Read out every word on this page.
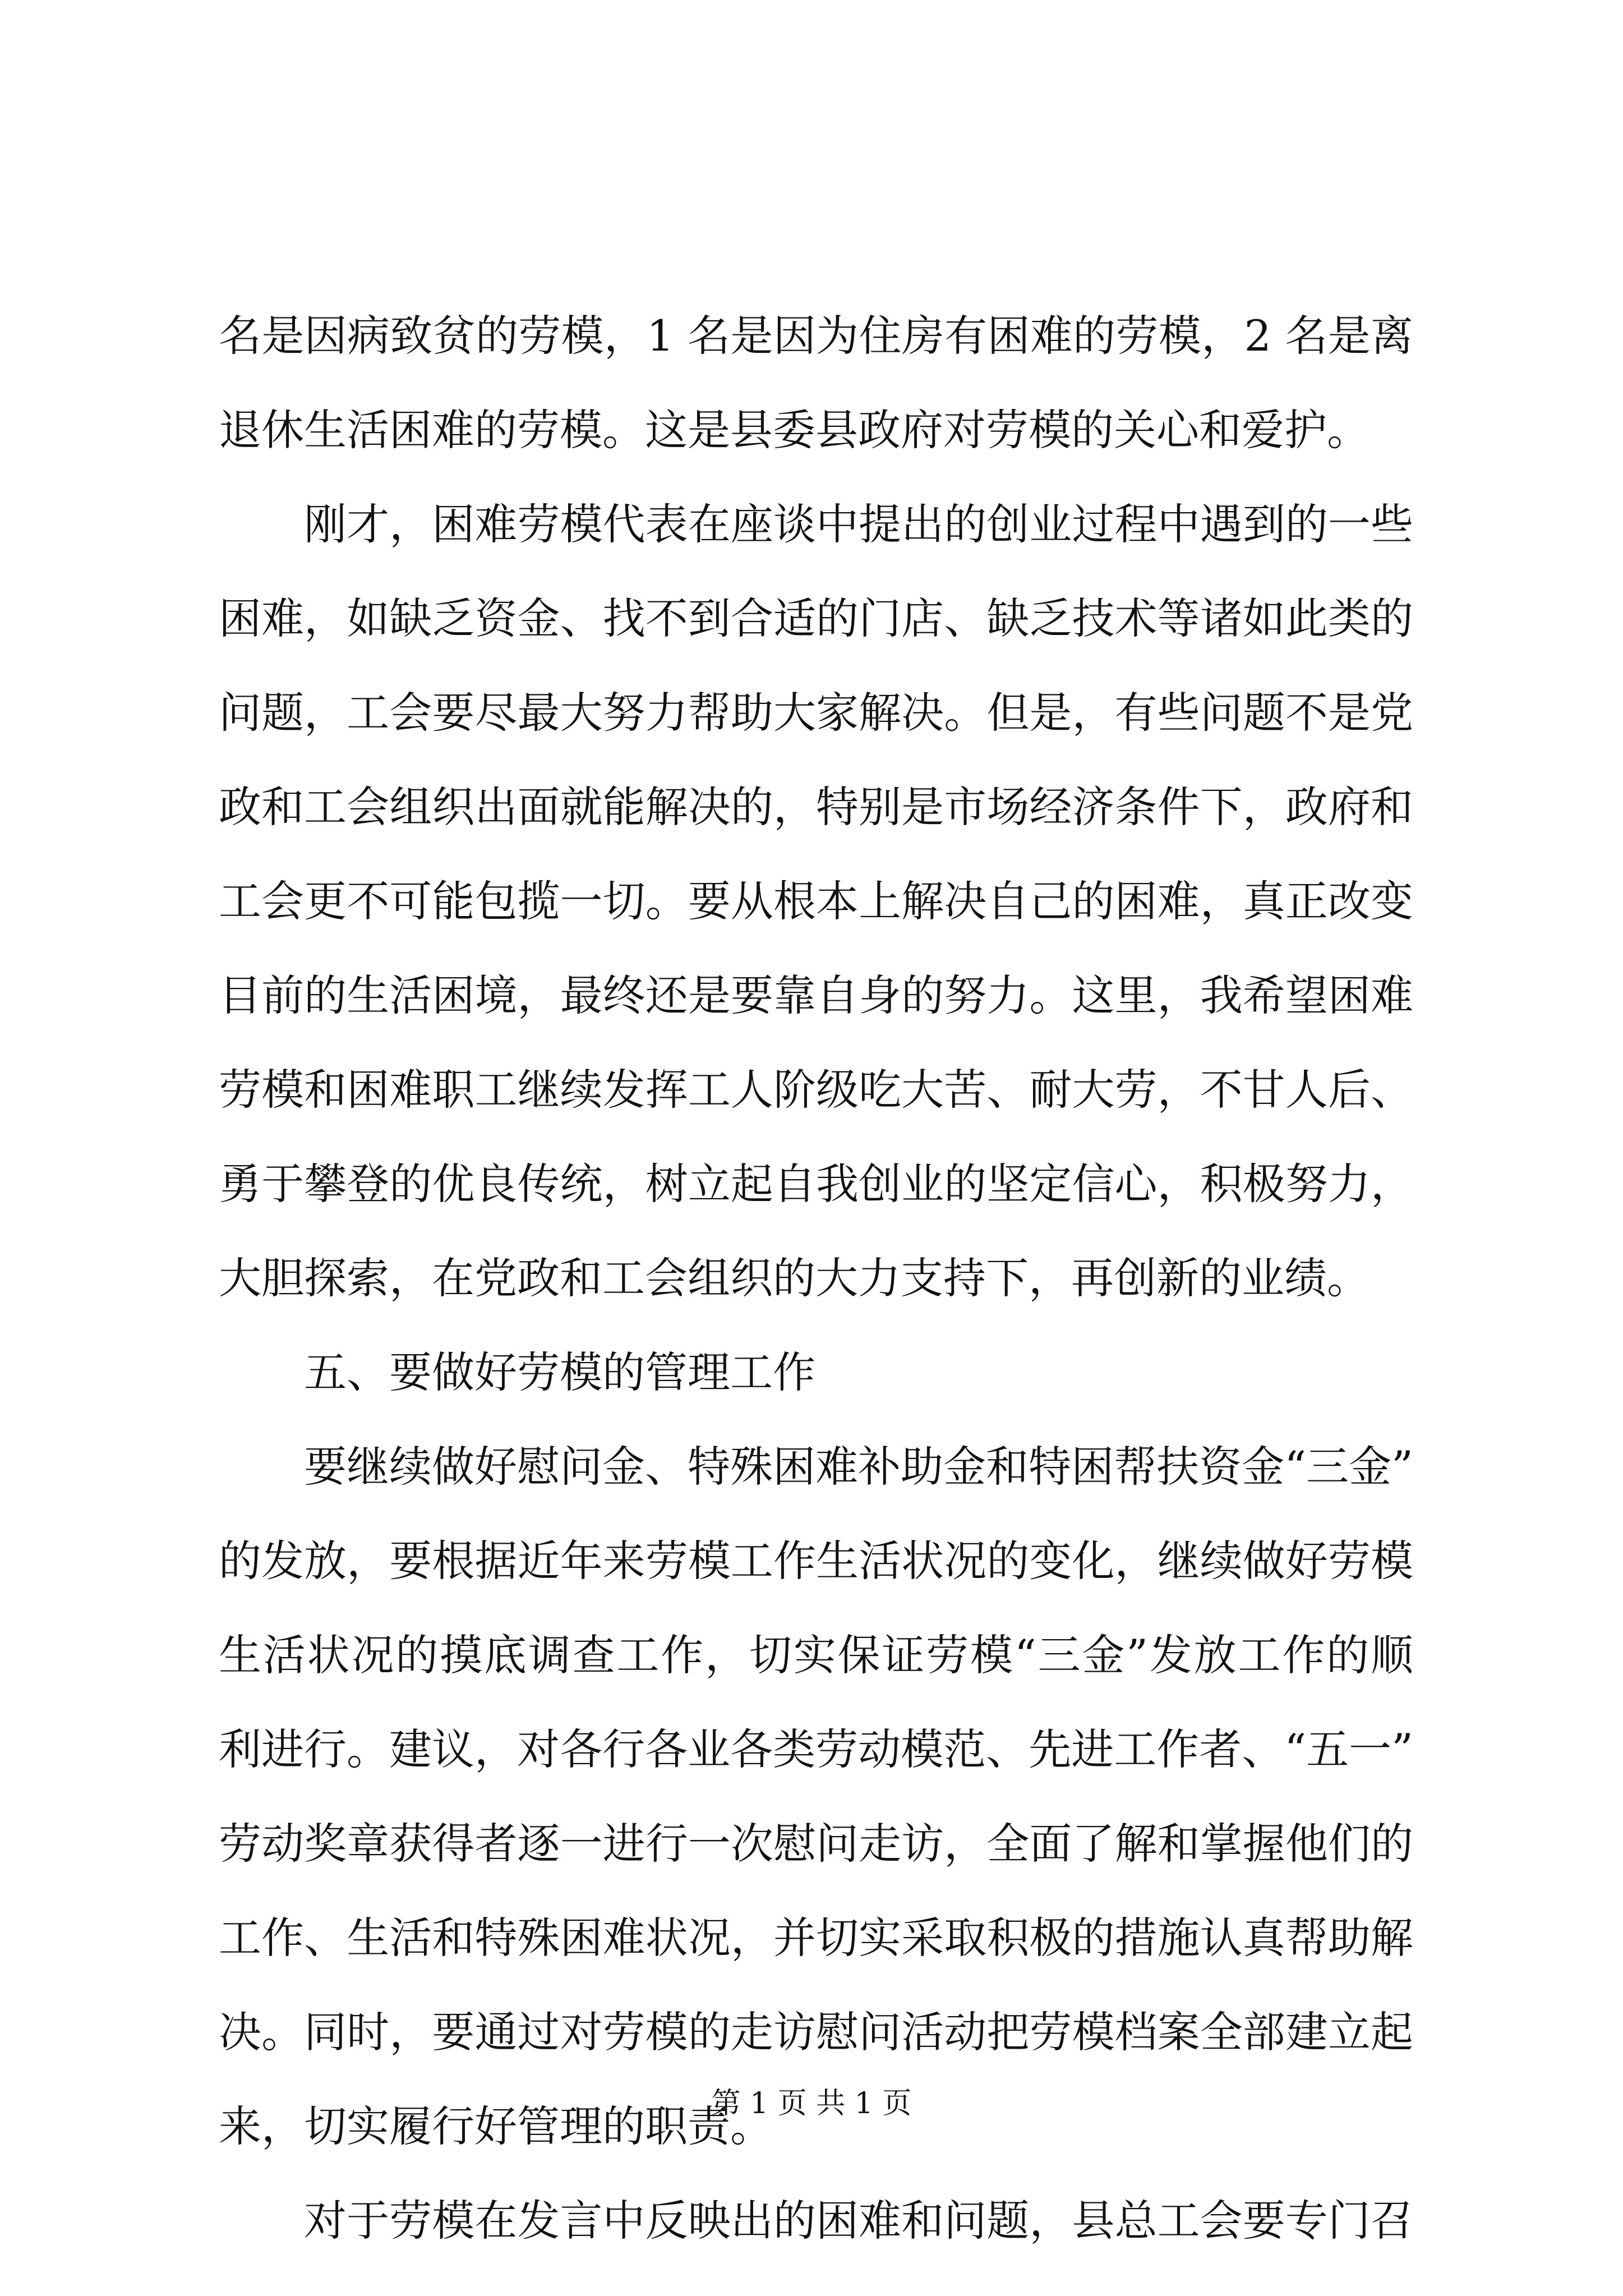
名是因病致贫的劳模，1 名是因为住房有困难的劳模，2 名是离
退休生活困难的劳模。这是县委县政府对劳模的关心和爱护。
刚才，困难劳模代表在座谈中提出的创业过程中遇到的一些
困难，如缺乏资金、找不到合适的门店、缺乏技术等诸如此类的
问题，工会要尽最大努力帮助大家解决。但是，有些问题不是党
政和工会组织出面就能解决的，特别是市场经济条件下，政府和
工会更不可能包揽一切。要从根本上解决自己的困难，真正改变
目前的生活困境，最终还是要靠自身的努力。这里，我希望困难
劳模和困难职工继续发挥工人阶级吃大苦、耐大劳，不甘人后、
勇于攀登的优良传统，树立起自我创业的坚定信心，积极努力，
大胆探索，在党政和工会组织的大力支持下，再创新的业绩。
五、要做好劳模的管理工作
要继续做好慰问金、特殊困难补助金和特困帮扶资金“三金”
的发放，要根据近年来劳模工作生活状况的变化，继续做好劳模
生活状况的摸底调查工作，切实保证劳模“三金”发放工作的顺
利进行。建议，对各行各业各类劳动模范、先进工作者、“五一”
劳动奖章获得者逐一进行一次慰问走访，全面了解和掌握他们的
工作、生活和特殊困难状况，并切实采取积极的措施认真帮助解
决。同时，要通过对劳模的走访慰问活动把劳模档案全部建立起
来，切实履行好管理的职责。
对于劳模在发言中反映出的困难和问题，县总工会要专门召
第 1 页 共 1 页
